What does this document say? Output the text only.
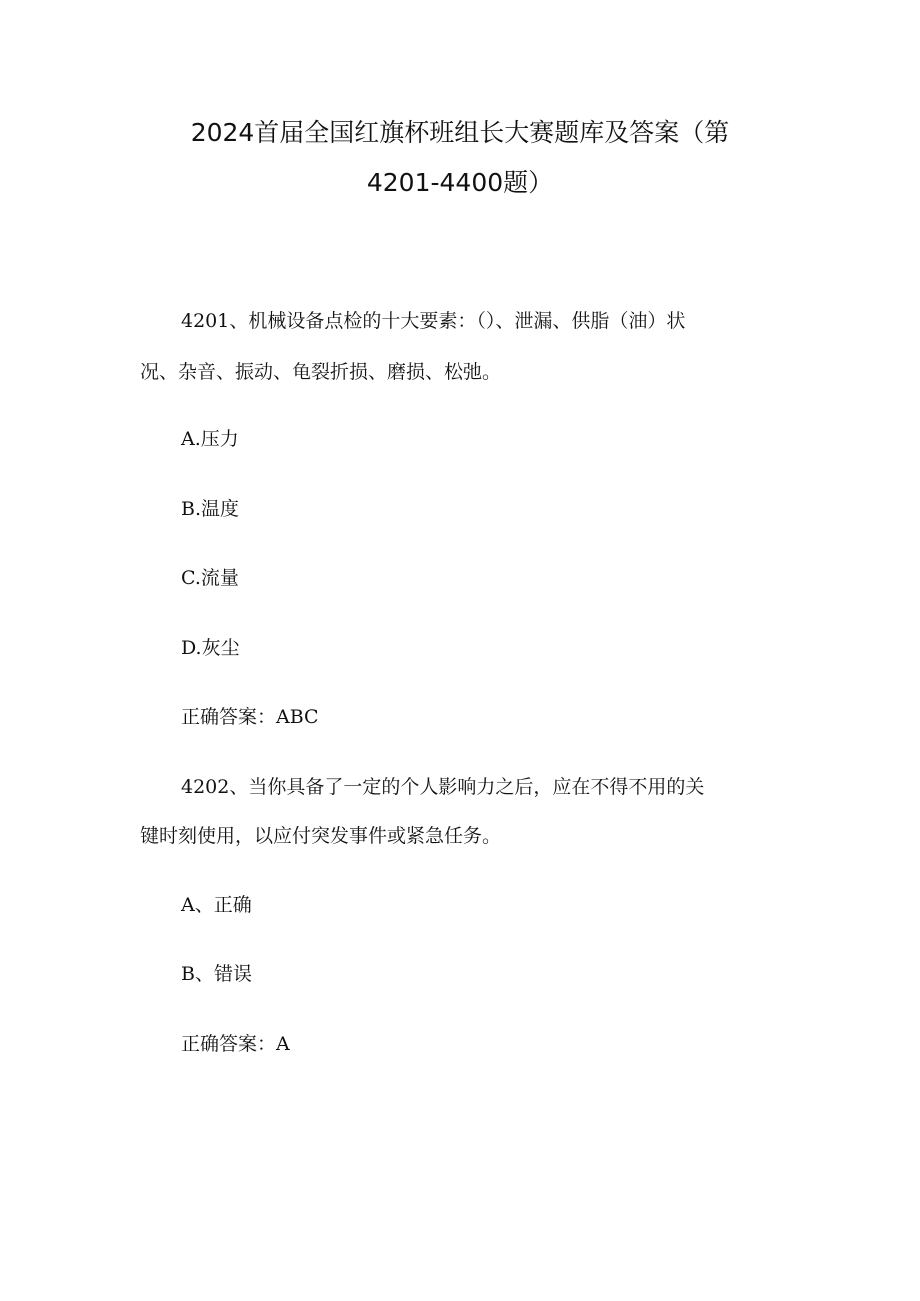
2024首届全国红旗杯班组长大赛题库及答案（第
4201-4400题）
4201、机械设备点检的十大要素：（）、泄漏、供脂（油）状
况、杂音、振动、龟裂折损、磨损、松弛。
A.压力
B.温度
C.流量
D.灰尘
正确答案：ABC
4202、当你具备了一定的个人影响力之后，应在不得不用的关
键时刻使用，以应付突发事件或紧急任务。
A、正确
B、错误
正确答案：A
